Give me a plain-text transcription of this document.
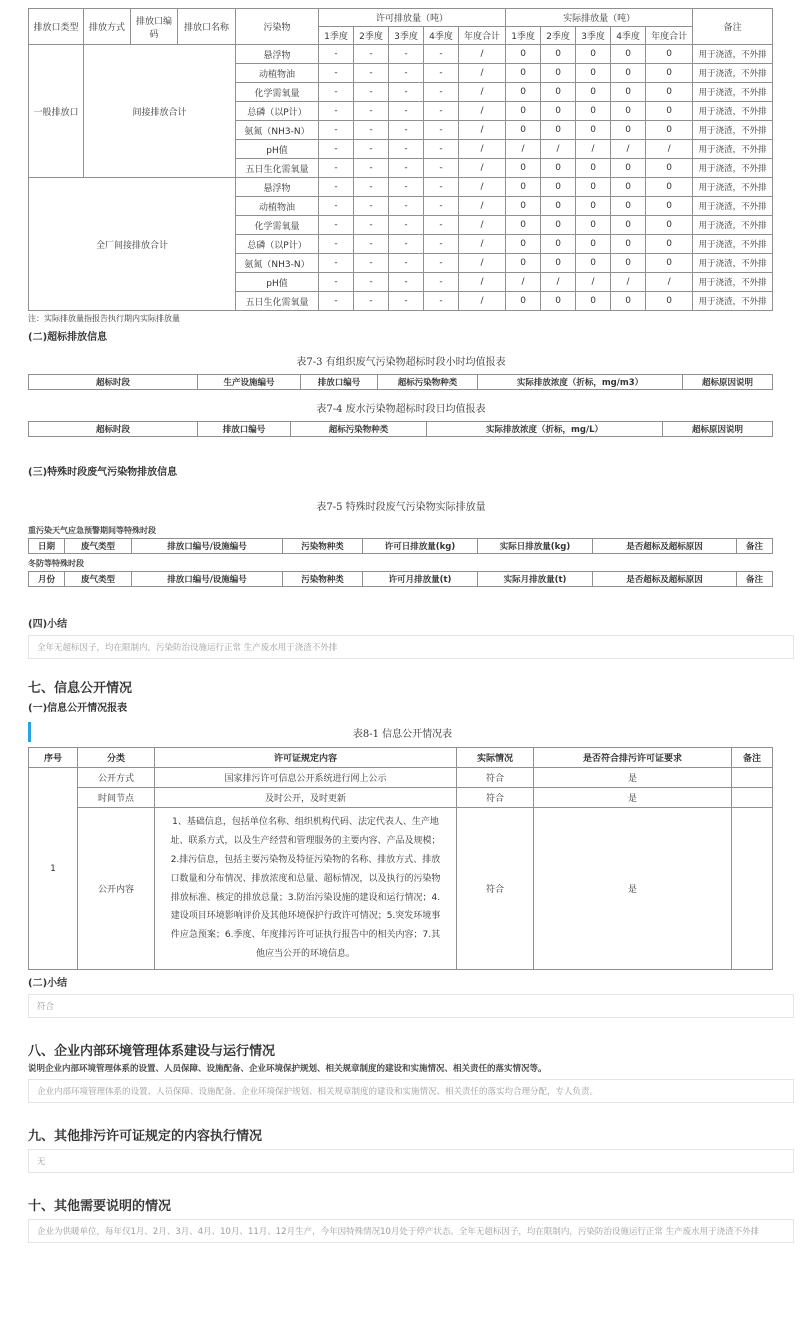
排放口类型	排放方式	排放口编码	排放口名称	污染物	许可排放量（吨）					实际排放量（吨）					备注
					1季度	2季度	3季度	4季度	年度合计	1季度	2季度	3季度	4季度	年度合计	
一般排放口	间接排放合计			悬浮物	-	-	-	-	/	0	0	0	0	0	用于浇渣，不外排
				动植物油	-	-	-	-	/	0	0	0	0	0	用于浇渣，不外排
				化学需氧量	-	-	-	-	/	0	0	0	0	0	用于浇渣，不外排
				总磷（以P计）	-	-	-	-	/	0	0	0	0	0	用于浇渣，不外排
				氨氮（NH3-N）	-	-	-	-	/	0	0	0	0	0	用于浇渣，不外排
				pH值	-	-	-	-	/	/	/	/	/	/	用于浇渣，不外排
				五日生化需氧量	-	-	-	-	/	0	0	0	0	0	用于浇渣，不外排
全厂间接排放合计				悬浮物	-	-	-	-	/	0	0	0	0	0	用于浇渣，不外排
				动植物油	-	-	-	-	/	0	0	0	0	0	用于浇渣，不外排
				化学需氧量	-	-	-	-	/	0	0	0	0	0	用于浇渣，不外排
				总磷（以P计）	-	-	-	-	/	0	0	0	0	0	用于浇渣，不外排
				氨氮（NH3-N）	-	-	-	-	/	0	0	0	0	0	用于浇渣，不外排
				pH值	-	-	-	-	/	/	/	/	/	/	用于浇渣，不外排
				五日生化需氧量	-	-	-	-	/	0	0	0	0	0	用于浇渣，不外排
注：实际排放量指报告执行期内实际排放量
(二)超标排放信息
表7-3 有组织废气污染物超标时段小时均值报表
超标时段	生产设施编号	排放口编号	超标污染物种类	实际排放浓度（折标，mg/m3）	超标原因说明
表7-4 废水污染物超标时段日均值报表
超标时段	排放口编号	超标污染物种类	实际排放浓度（折标，mg/L）	超标原因说明
(三)特殊时段废气污染物排放信息
表7-5 特殊时段废气污染物实际排放量
重污染天气应急预警期间等特殊时段
日期	废气类型	排放口编号/设施编号	污染物种类	许可日排放量(kg)	实际日排放量(kg)	是否超标及超标原因	备注
冬防等特殊时段
月份	废气类型	排放口编号/设施编号	污染物种类	许可月排放量(t)	实际月排放量(t)	是否超标及超标原因	备注
(四)小结
全年无超标因子，均在限制内，污染防治设施运行正常 生产废水用于浇渣不外排
七、信息公开情况
(一)信息公开情况报表
表8-1 信息公开情况表
序号	分类	许可证规定内容	实际情况	是否符合排污许可证要求	备注
1	公开方式	国家排污许可信息公开系统进行网上公示	符合	是	
	时间节点	及时公开，及时更新	符合	是	
	公开内容	1、基础信息，包括单位名称、组织机构代码、法定代表人、生产地址、联系方式，以及生产经营和管理服务的主要内容、产品及规模；2.排污信息，包括主要污染物及特征污染物的名称、排放方式、排放口数量和分布情况、排放浓度和总量、超标情况，以及执行的污染物排放标准、核定的排放总量；3.防治污染设施的建设和运行情况；4.建设项目环境影响评价及其他环境保护行政许可情况；5.突发环境事件应急预案；6.季度、年度排污许可证执行报告中的相关内容；7.其他应当公开的环境信息。	符合	是	
(二)小结
符合
八、企业内部环境管理体系建设与运行情况
说明企业内部环境管理体系的设置、人员保障、设施配备、企业环境保护规划、相关规章制度的建设和实施情况、相关责任的落实情况等。
企业内部环境管理体系的设置、人员保障、设施配备、企业环境保护规划、相关规章制度的建设和实施情况、相关责任的落实均合理分配，专人负责。
九、其他排污许可证规定的内容执行情况
无
十、其他需要说明的情况
企业为供暖单位，每年仅1月、2月、3月、4月、10月、11月、12月生产，今年因特殊情况10月处于停产状态。全年无超标因子，均在限制内，污染防治设施运行正常 生产废水用于浇渣不外排
